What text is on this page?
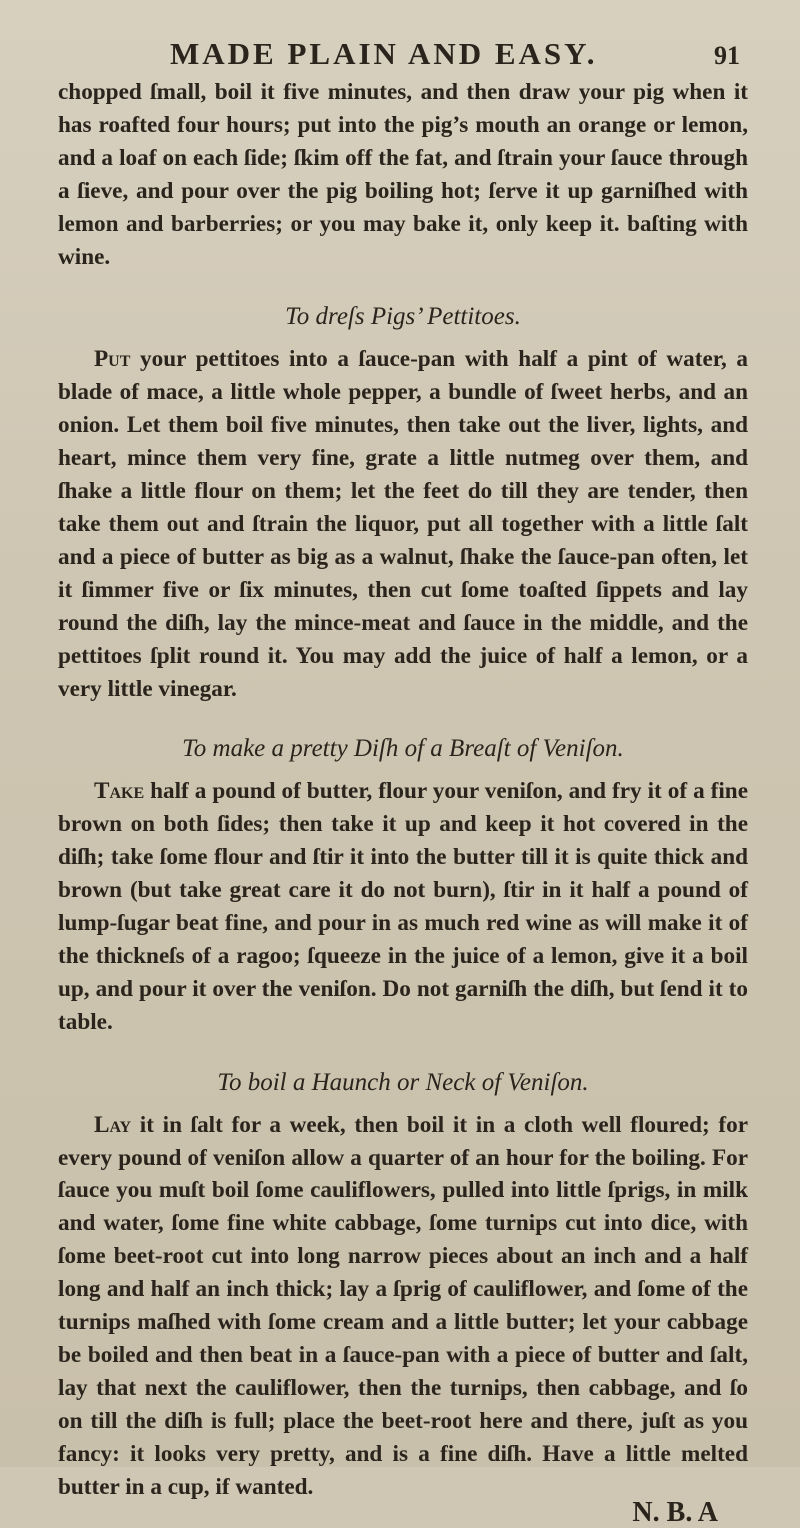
MADE PLAIN AND EASY.	91

chopped ſmall, boil it five minutes, and then draw your pig when it has roafted four hours; put into the pig’s mouth an orange or lemon, and a loaf on each ſide; ſkim off the fat, and ſtrain your ſauce through a ſieve, and pour over the pig boiling hot; ſerve it up garniſhed with lemon and barberries; or you may bake it, only keep it. baſting with wine.

To dreſs Pigs’ Pettitoes.

Put your pettitoes into a ſauce-pan with half a pint of water, a blade of mace, a little whole pepper, a bundle of ſweet herbs, and an onion. Let them boil five minutes, then take out the liver, lights, and heart, mince them very fine, grate a little nutmeg over them, and ſhake a little flour on them; let the feet do till they are tender, then take them out and ſtrain the liquor, put all together with a little ſalt and a piece of butter as big as a walnut, ſhake the ſauce-pan often, let it ſimmer five or ſix minutes, then cut ſome toaſted ſippets and lay round the diſh, lay the mince-meat and ſauce in the middle, and the pettitoes ſplit round it. You may add the juice of half a lemon, or a very little vinegar.

To make a pretty Diſh of a Breaſt of Veniſon.

Take half a pound of butter, flour your veniſon, and fry it of a fine brown on both ſides; then take it up and keep it hot covered in the diſh; take ſome flour and ſtir it into the butter till it is quite thick and brown (but take great care it do not burn), ſtir in it half a pound of lump-ſugar beat fine, and pour in as much red wine as will make it of the thickneſs of a ragoo; ſqueeze in the juice of a lemon, give it a boil up, and pour it over the veniſon. Do not garniſh the diſh, but ſend it to table.

To boil a Haunch or Neck of Veniſon.

Lay it in ſalt for a week, then boil it in a cloth well floured; for every pound of veniſon allow a quarter of an hour for the boiling. For ſauce you muſt boil ſome cauliflowers, pulled into little ſprigs, in milk and water, ſome fine white cabbage, ſome turnips cut into dice, with ſome beet-root cut into long narrow pieces about an inch and a half long and half an inch thick; lay a ſprig of cauliflower, and ſome of the turnips maſhed with ſome cream and a little butter; let your cabbage be boiled and then beat in a ſauce-pan with a piece of butter and ſalt, lay that next the cauliflower, then the turnips, then cabbage, and ſo on till the diſh is full; place the beet-root here and there, juſt as you fancy: it looks very pretty, and is a fine diſh. Have a little melted butter in a cup, if wanted.

N. B. A
